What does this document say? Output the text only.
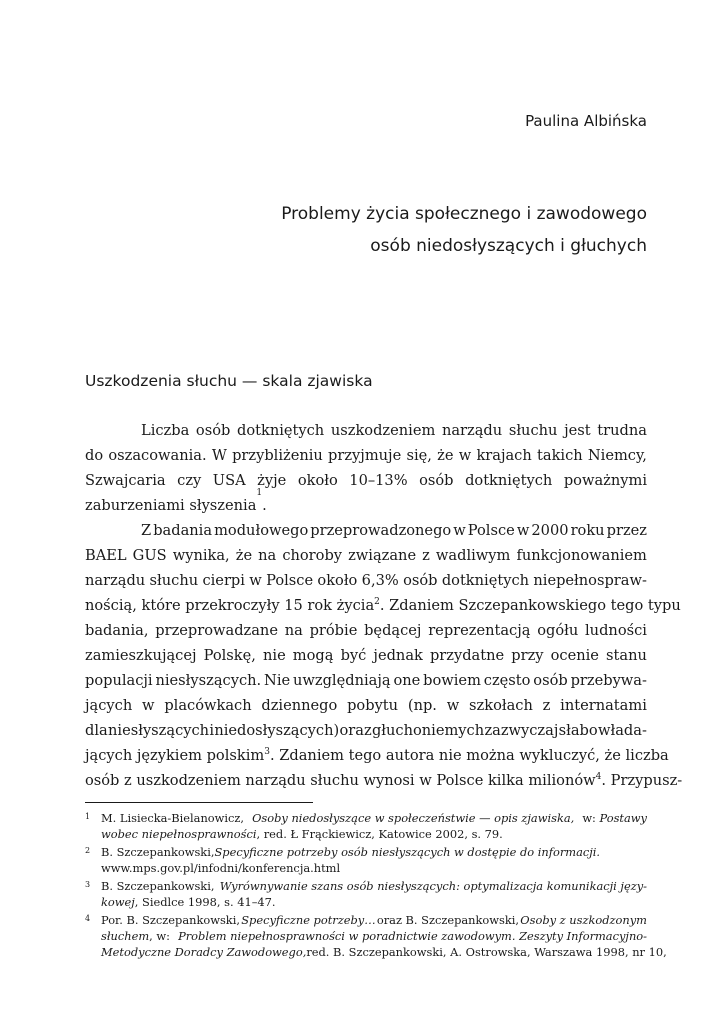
Paulina Albińska
Problemy życia społecznego i zawodowego
osób niedosłyszących i głuchych
Uszkodzenia słuchu — skala zjawiska
Liczba osób dotkniętych uszkodzeniem narządu słuchu jest trudna
do oszacowania. W przybliżeniu przyjmuje się, że w krajach takich Niemcy,
Szwajcaria czy USA żyje około 10–13% osób dotkniętych poważnymi
zaburzeniami słyszenia
1
.
Z badania modułowego przeprowadzonego w Polsce w 2000 roku przez
BAEL GUS wynika, że na choroby związane z wadliwym funkcjonowaniem
narządu słuchu cierpi w Polsce około 6,3% osób dotkniętych niepełnospraw-
nością, które przekroczyły 15 rok życia$^2$ . Zdaniem Szczepankowskiego tego typu
badania, przeprowadzane na próbie będącej reprezentacją ogółu ludności
zamieszkującej Polskę, nie mogą być jednak przydatne przy ocenie stanu
populacji niesłyszących. Nie uwzględniają one bowiem często osób przebywa-
jących w placówkach dziennego pobytu (np. w szkołach z internatami
dla niesłyszących i niedosłyszących) oraz głuchoniemych zazwyczaj słabo włada-
jących językiem polskim$^3$ . Zdaniem tego autora nie można wykluczyć, że liczba
osób z uszkodzeniem narządu słuchu wynosi w Polsce kilka milionów$^4$ . Przypusz-
1 M. Lisiecka-Bielanowicz, Osoby niedosłyszące w społeczeństwie — opis zjawiska, w: Postawy
wobec niepełnosprawności , red. Ł Frąckiewicz, Katowice 2002, s. 79.
2 B. Szczepankowski, Specyficzne potrzeby osób niesłyszących w dostępie do informacji.
www.mps.gov.pl/infodni/konferencja.html
3 B. Szczepankowski, Wyrównywanie szans osób niesłyszących: optymalizacja komunikacji języ-
kowej , Siedlce 1998, s. 41–47.
4 Por. B. Szczepankowski, Specyficzne potrzeby… oraz B. Szczepankowski, Osoby z uszkodzonym
słuchem, w: Problem niepełnosprawności w poradnictwie zawodowym. Zeszyty Informacyjno-
Metodyczne Doradcy Zawodowego, red. B. Szczepankowski, A. Ostrowska, Warszawa 1998, nr 10,
